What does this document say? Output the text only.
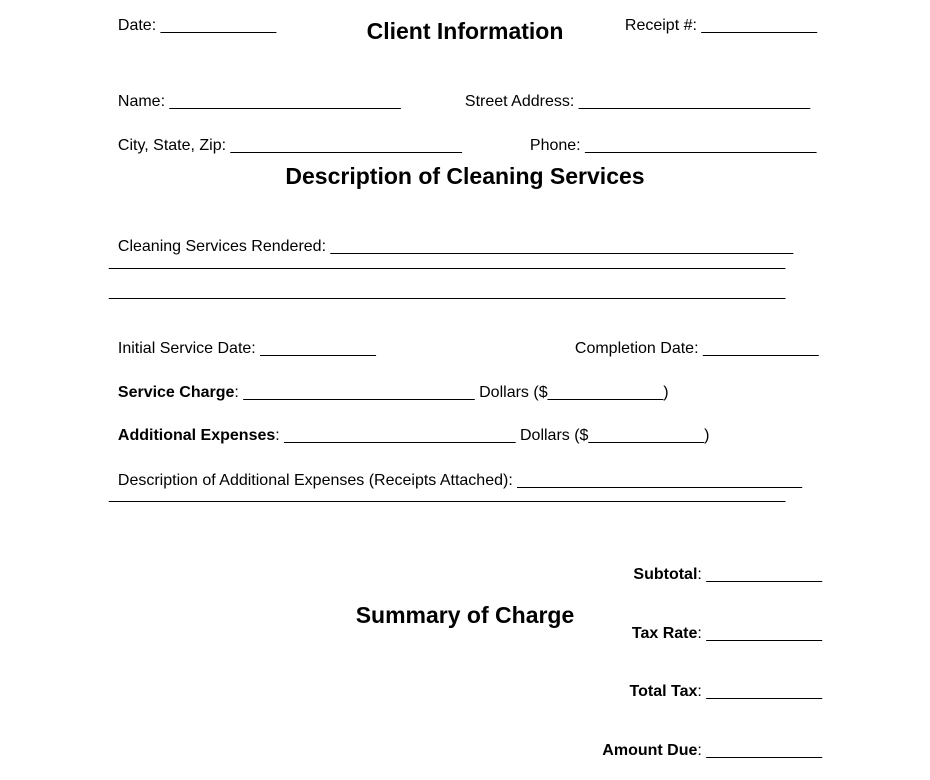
Date: _____________	Receipt #: _____________

Client Information

Name: __________________________	Street Address: __________________________

City, State, Zip: __________________________	Phone: __________________________

Description of Cleaning Services

Cleaning Services Rendered: ____________________________________________________

____________________________________________________________________________
____________________________________________________________________________

Initial Service Date: _____________	Completion Date: _____________

Service Charge: __________________________ Dollars ($_____________)

Additional Expenses: __________________________ Dollars ($_____________)

Description of Additional Expenses (Receipts Attached): ________________________________

____________________________________________________________________________

Subtotal: _____________

Tax Rate: _____________

Total Tax: _____________

Amount Due: _____________

Summary of Charge
